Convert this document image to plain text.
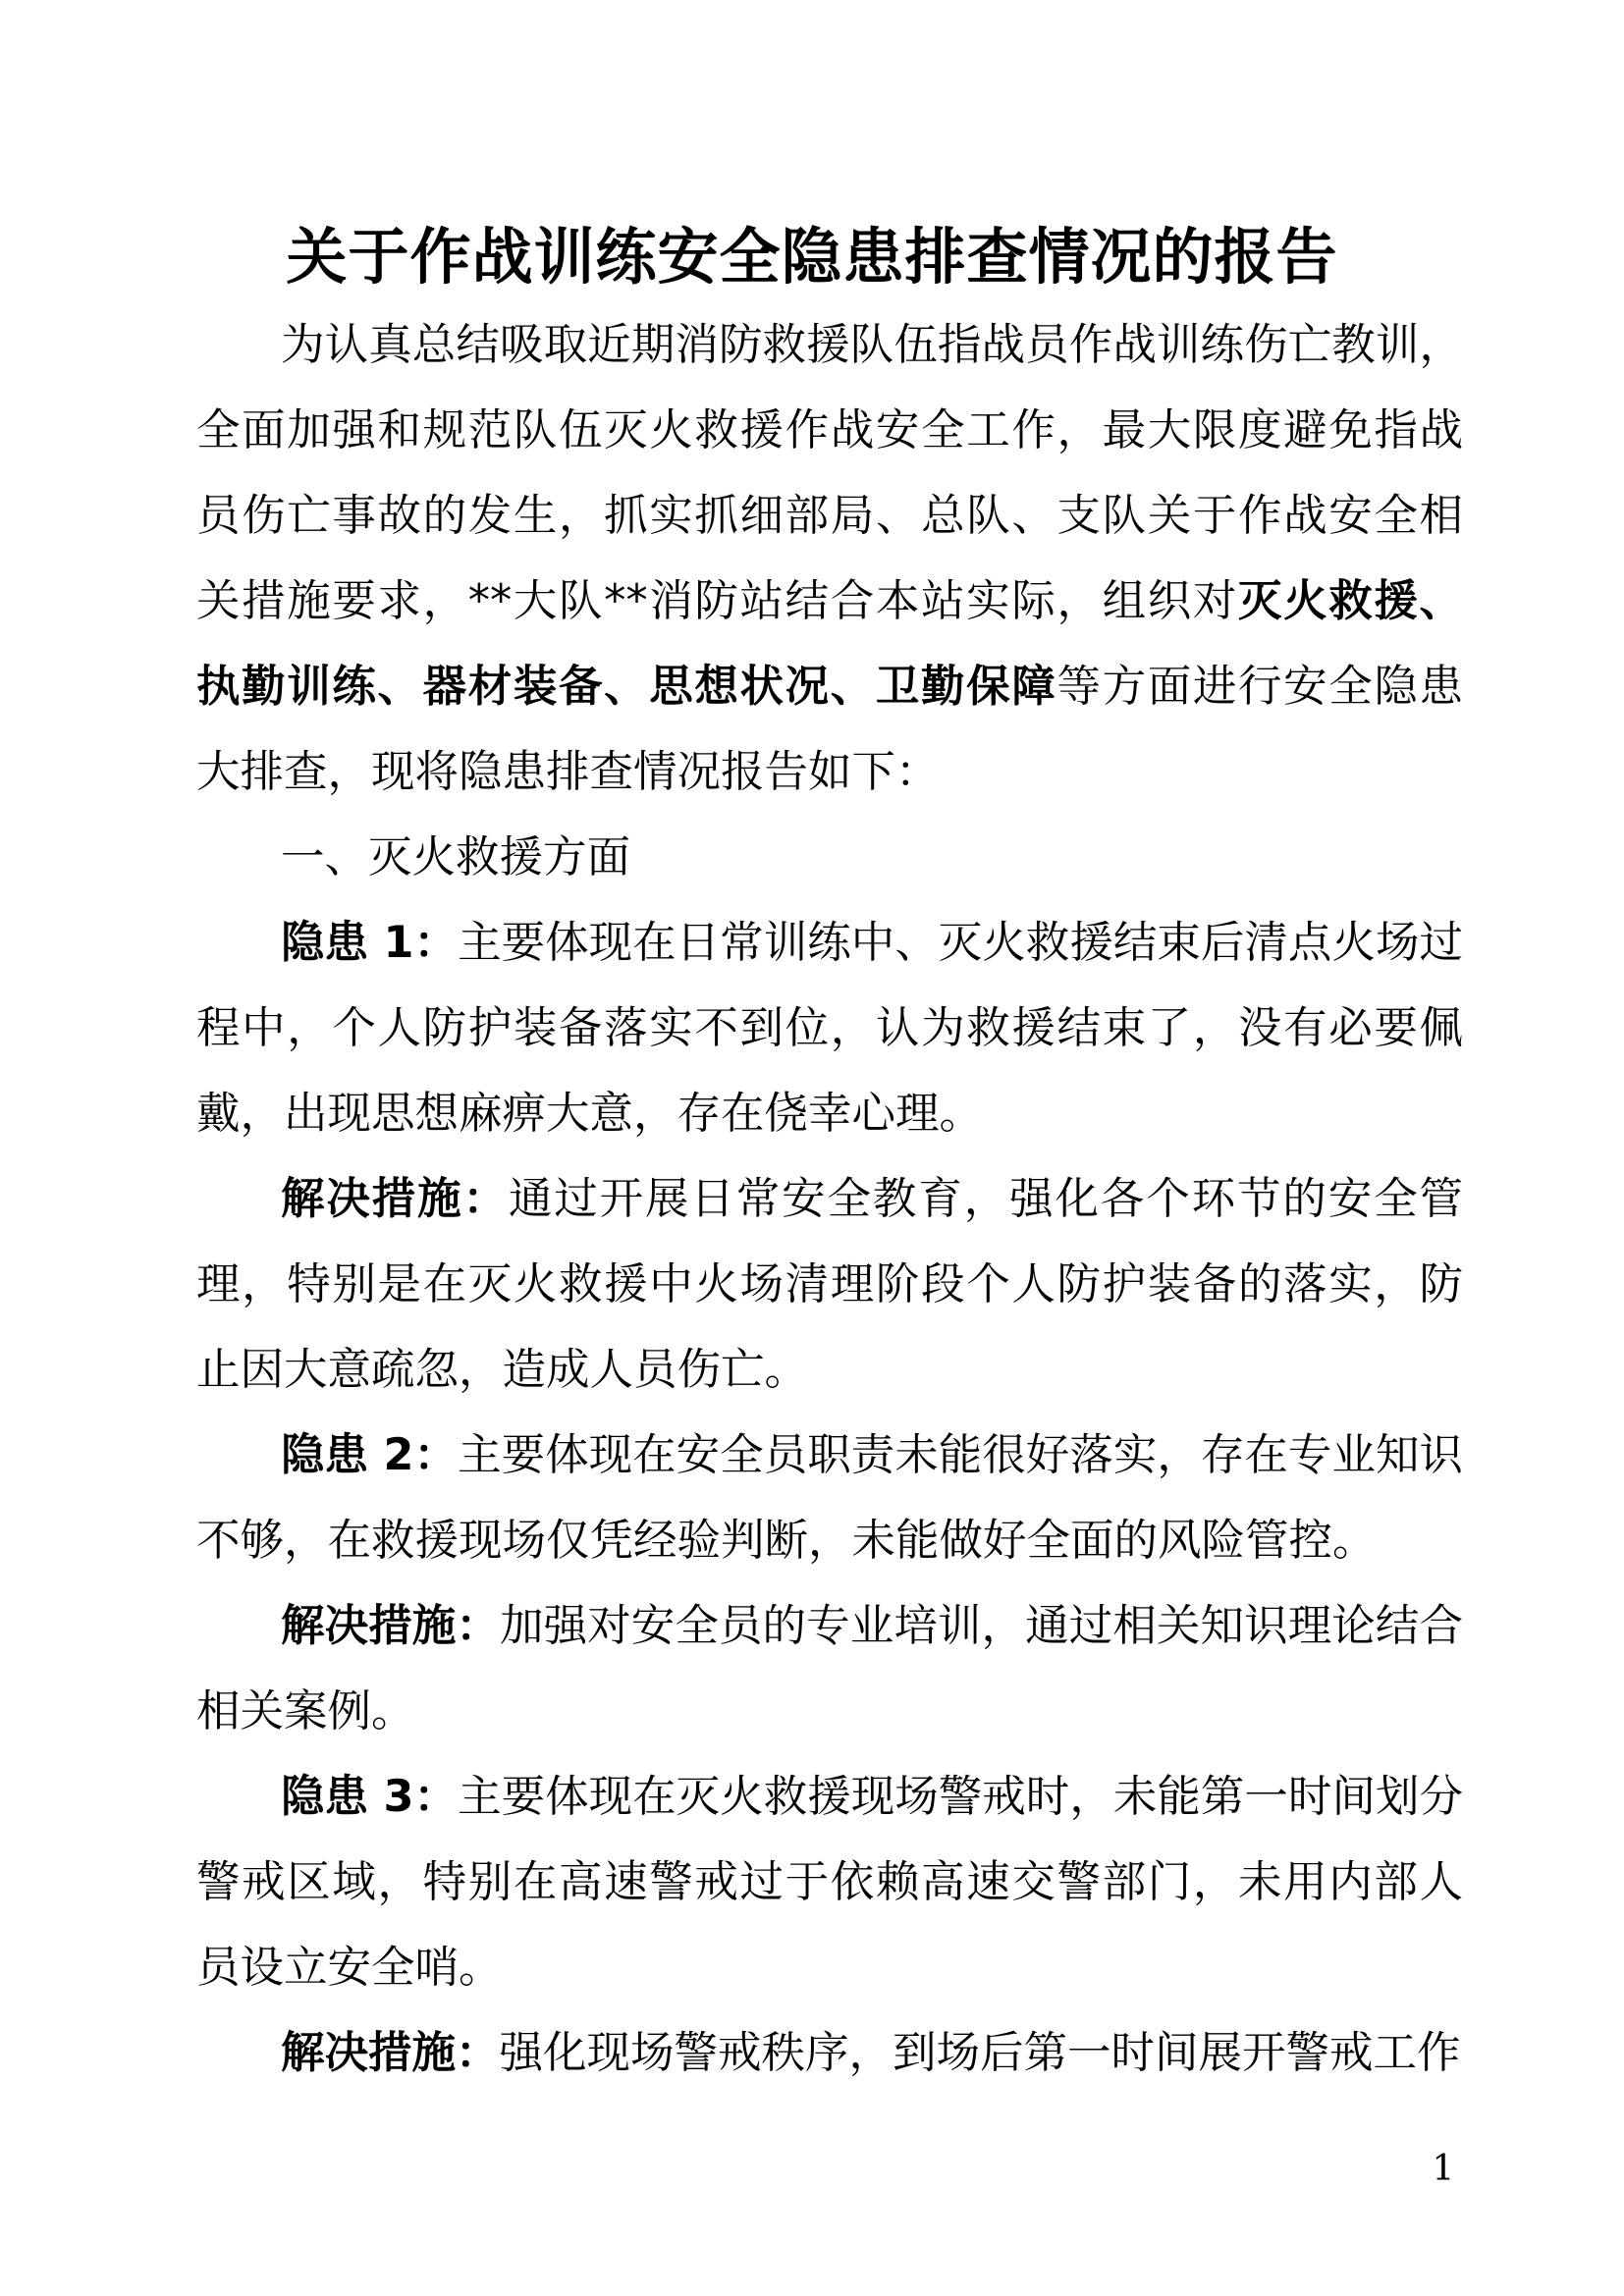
关于作战训练安全隐患排查情况的报告

为认真总结吸取近期消防救援队伍指战员作战训练伤亡教训，全面加强和规范队伍灭火救援作战安全工作，最大限度避免指战员伤亡事故的发生，抓实抓细部局、总队、支队关于作战安全相关措施要求，**大队**消防站结合本站实际，组织对灭火救援、执勤训练、器材装备、思想状况、卫勤保障等方面进行安全隐患大排查，现将隐患排查情况报告如下：

一、灭火救援方面

隐患 1：主要体现在日常训练中、灭火救援结束后清点火场过程中，个人防护装备落实不到位，认为救援结束了，没有必要佩戴，出现思想麻痹大意，存在侥幸心理。

解决措施：通过开展日常安全教育，强化各个环节的安全管理，特别是在灭火救援中火场清理阶段个人防护装备的落实，防止因大意疏忽，造成人员伤亡。

隐患 2：主要体现在安全员职责未能很好落实，存在专业知识不够，在救援现场仅凭经验判断，未能做好全面的风险管控。

解决措施：加强对安全员的专业培训，通过相关知识理论结合相关案例。

隐患 3：主要体现在灭火救援现场警戒时，未能第一时间划分警戒区域，特别在高速警戒过于依赖高速交警部门，未用内部人员设立安全哨。

解决措施：强化现场警戒秩序，到场后第一时间展开警戒工作

1
